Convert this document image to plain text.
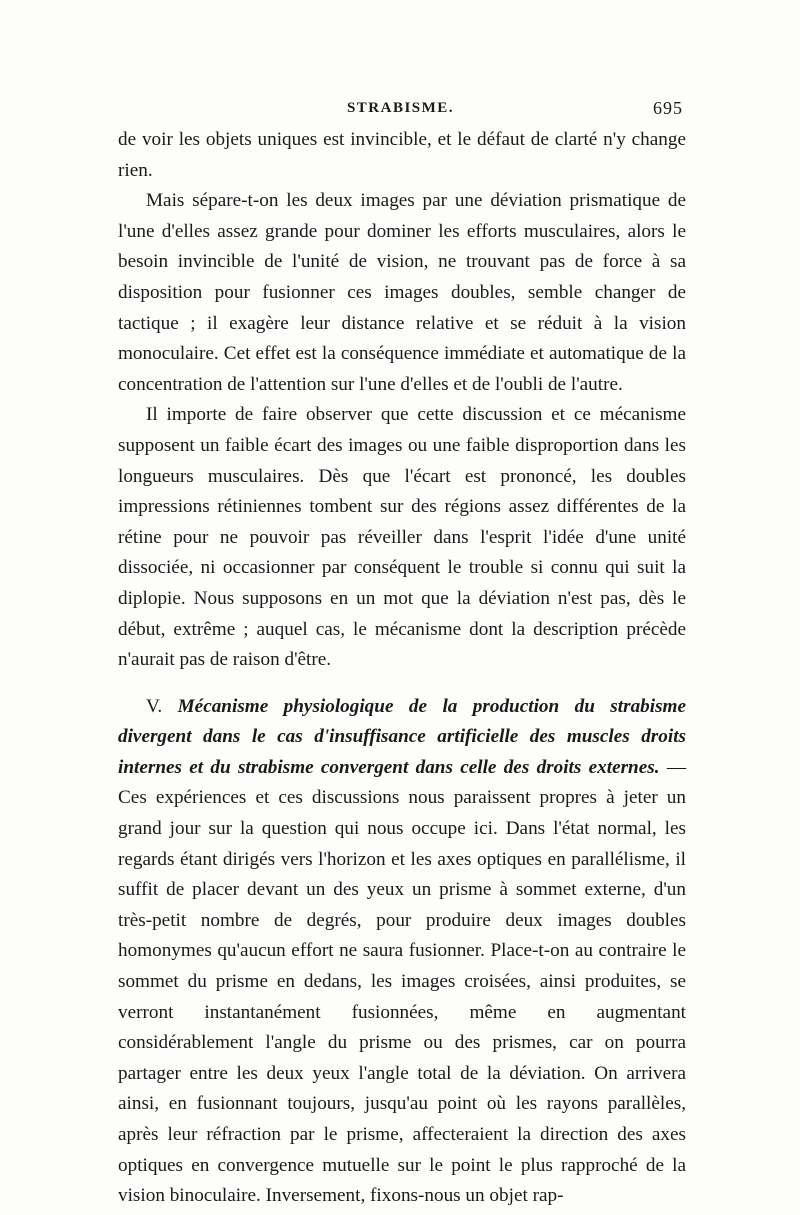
STRABISME.	695

de voir les objets uniques est invincible, et le défaut de clarté n'y change rien.

Mais sépare-t-on les deux images par une déviation prismatique de l'une d'elles assez grande pour dominer les efforts musculaires, alors le besoin invincible de l'unité de vision, ne trouvant pas de force à sa disposition pour fusionner ces images doubles, semble changer de tactique ; il exagère leur distance relative et se réduit à la vision monoculaire. Cet effet est la conséquence immédiate et automatique de la concentration de l'attention sur l'une d'elles et de l'oubli de l'autre.

Il importe de faire observer que cette discussion et ce mécanisme supposent un faible écart des images ou une faible disproportion dans les longueurs musculaires. Dès que l'écart est prononcé, les doubles impressions rétiniennes tombent sur des régions assez différentes de la rétine pour ne pouvoir pas réveiller dans l'esprit l'idée d'une unité dissociée, ni occasionner par conséquent le trouble si connu qui suit la diplopie. Nous supposons en un mot que la déviation n'est pas, dès le début, extrême ; auquel cas, le mécanisme dont la description précède n'aurait pas de raison d'être.

V. Mécanisme physiologique de la production du strabisme divergent dans le cas d'insuffisance artificielle des muscles droits internes et du strabisme convergent dans celle des droits externes. — Ces expériences et ces discussions nous paraissent propres à jeter un grand jour sur la question qui nous occupe ici. Dans l'état normal, les regards étant dirigés vers l'horizon et les axes optiques en parallélisme, il suffit de placer devant un des yeux un prisme à sommet externe, d'un très-petit nombre de degrés, pour produire deux images doubles homonymes qu'aucun effort ne saura fusionner. Place-t-on au contraire le sommet du prisme en dedans, les images croisées, ainsi produites, se verront instantanément fusionnées, même en augmentant considérablement l'angle du prisme ou des prismes, car on pourra partager entre les deux yeux l'angle total de la déviation. On arrivera ainsi, en fusionnant toujours, jusqu'au point où les rayons parallèles, après leur réfraction par le prisme, affecteraient la direction des axes optiques en convergence mutuelle sur le point le plus rapproché de la vision binoculaire. Inversement, fixons-nous un objet rap-
